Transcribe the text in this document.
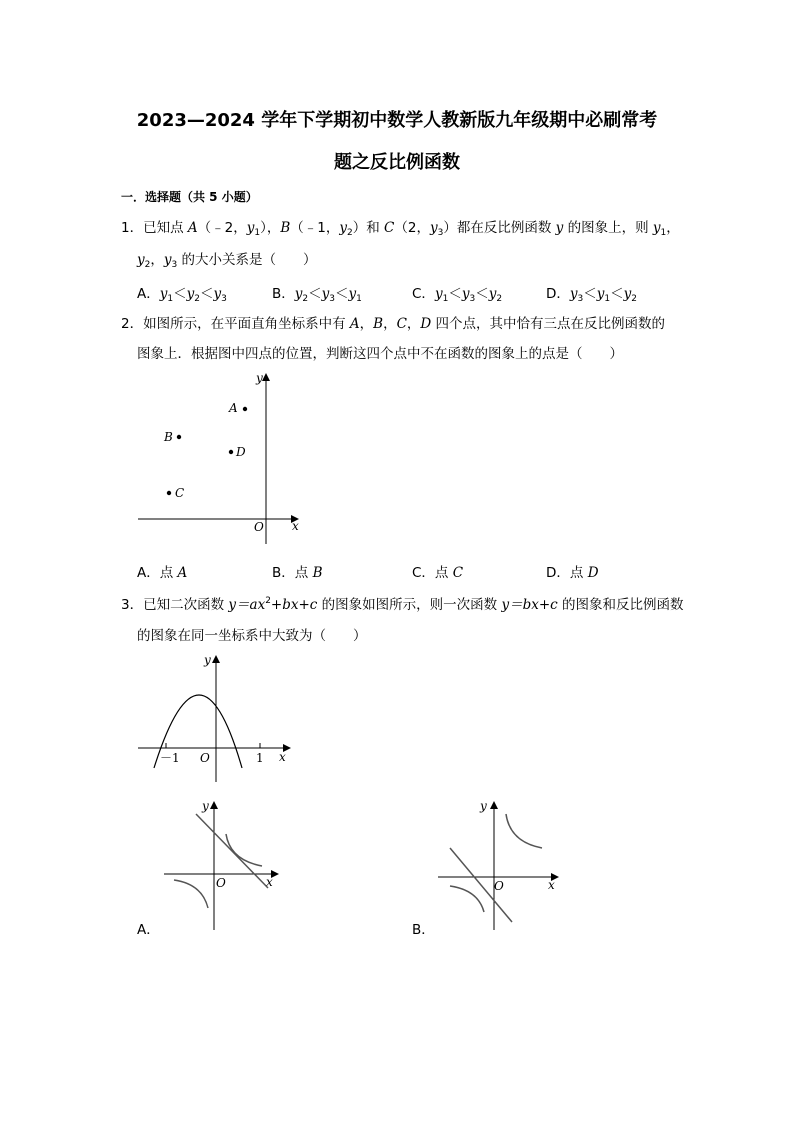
2023—2024 学年下学期初中数学人教新版九年级期中必刷常考
题之反比例函数
一．选择题（共 5 小题）
1．已知点 A（﹣2，$y_1$），B（﹣1，$y_2$）和 C（2，$y_3$）都在反比例函数 y 的图象上，则 $y_1$，
$y_2$，$y_3$ 的大小关系是（　　）
A．$y_1<y_2<y_3$	B．$y_2<y_3<y_1$	C．$y_1<y_3<y_2$	D．$y_3<y_1<y_2$
2．如图所示，在平面直角坐标系中有 A，B，C，D 四个点，其中恰有三点在反比例函数的
图象上．根据图中四点的位置，判断这四个点中不在函数的图象上的点是（　　）
y
x
O
A
B
D
C
A．点 A	B．点 B	C．点 C	D．点 D
3．已知二次函数 $y=ax^2+bx+c$ 的图象如图所示，则一次函数 y＝bx+c 的图象和反比例函数
的图象在同一坐标系中大致为（　　）
y
x
O
－1	1
y
x
O
A．
y
x
O
B．
